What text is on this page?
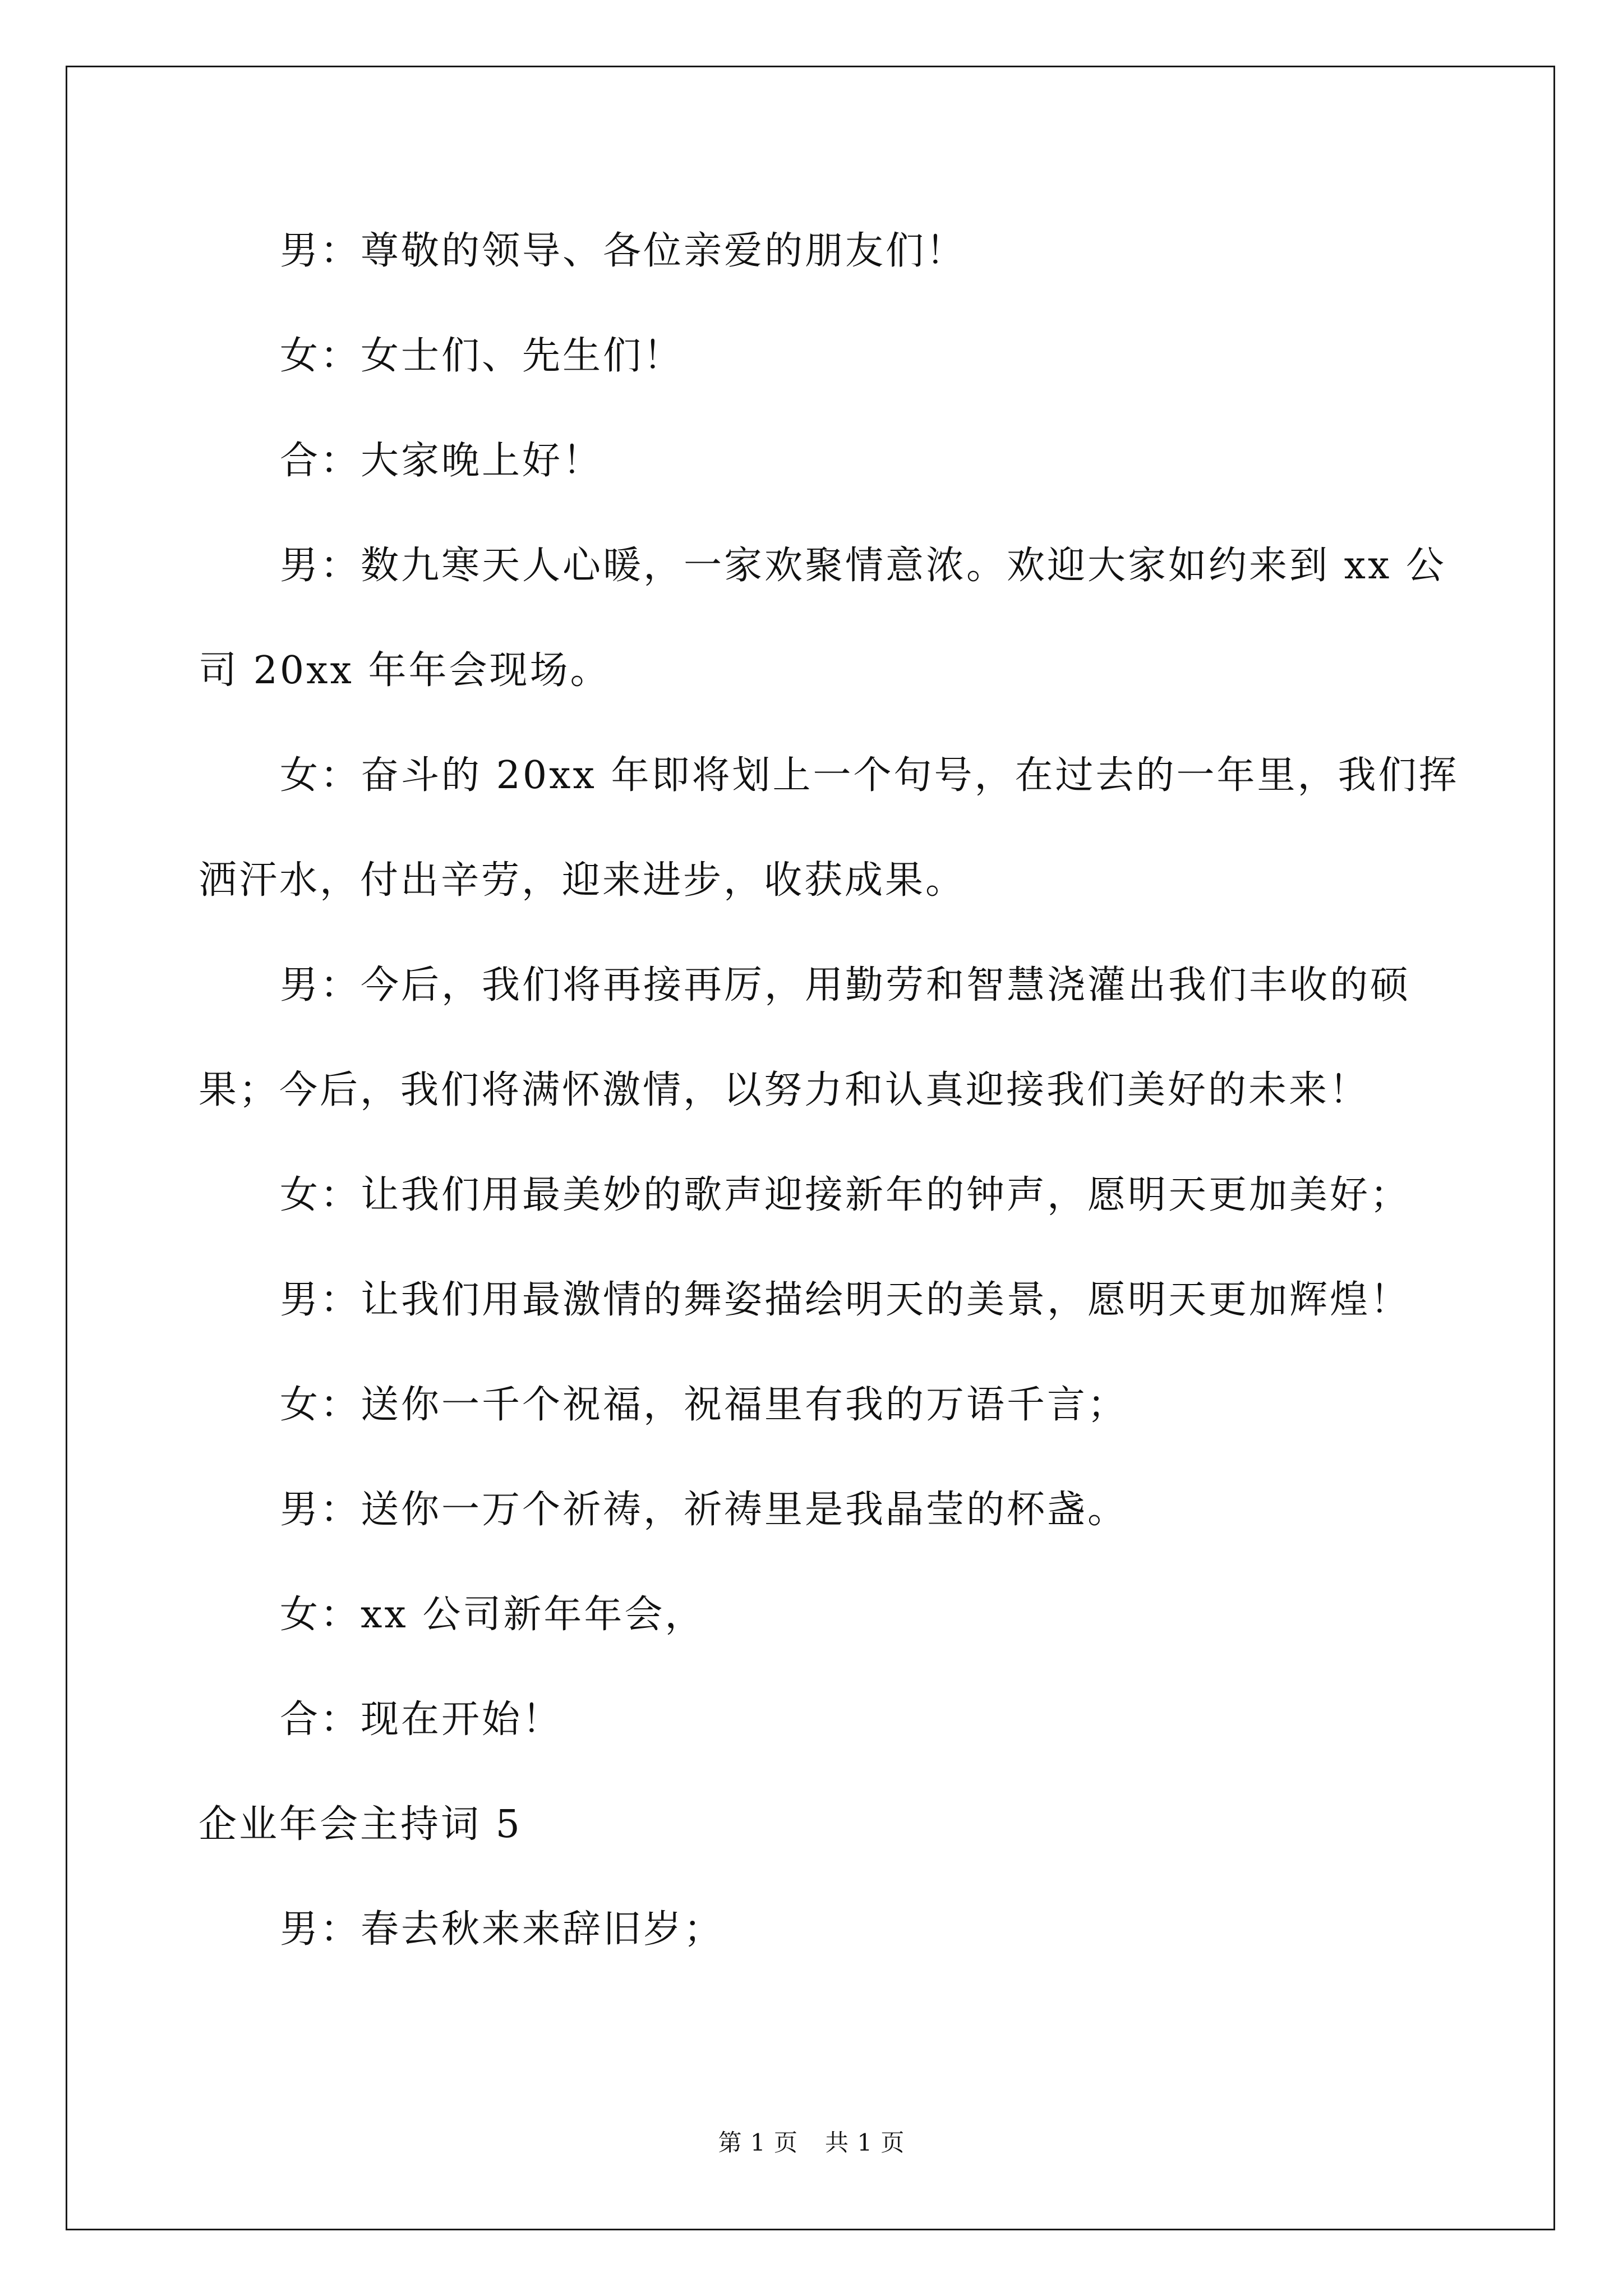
男：尊敬的领导、各位亲爱的朋友们！
女：女士们、先生们！
合：大家晚上好！
男：数九寒天人心暖，一家欢聚情意浓。欢迎大家如约来到 xx 公
司 20xx 年年会现场。
女：奋斗的 20xx 年即将划上一个句号，在过去的一年里，我们挥
洒汗水，付出辛劳，迎来进步，收获成果。
男：今后，我们将再接再厉，用勤劳和智慧浇灌出我们丰收的硕
果；今后，我们将满怀激情，以努力和认真迎接我们美好的未来！
女：让我们用最美妙的歌声迎接新年的钟声，愿明天更加美好；
男：让我们用最激情的舞姿描绘明天的美景，愿明天更加辉煌！
女：送你一千个祝福，祝福里有我的万语千言；
男：送你一万个祈祷，祈祷里是我晶莹的杯盏。
女：xx 公司新年年会，
合：现在开始！
企业年会主持词 5
男：春去秋来来辞旧岁；
第 1 页 共 1 页
